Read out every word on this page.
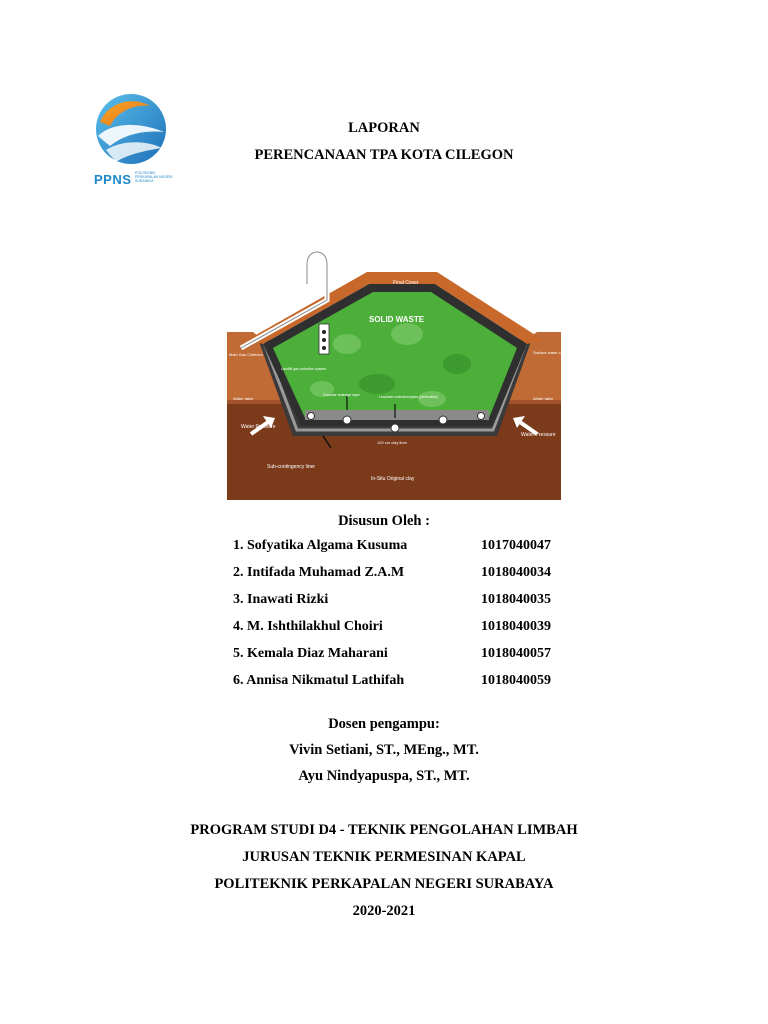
PPNS POLITEKNIK PERKAPALAN NEGERI SURABAYA
LAPORAN
PERENCANAAN TPA KOTA CILEGON
Final Cover
SOLID WASTE
Main Gas Collector	Surface water collection ditch
Landfill gas collection system
Granular drainage layer	Leachate collection/pipes (perforated)
Water table	Water table
Water Pressure
Water Pressure
120 cm clay liner
Sub-contingency liner
In-Situ Original clay
Disusun Oleh :
1. Sofyatika Algama Kusuma	1017040047
2. Intifada Muhamad Z.A.M	1018040034
3. Inawati Rizki	1018040035
4. M. Ishthilakhul Choiri	1018040039
5. Kemala Diaz Maharani	1018040057
6. Annisa Nikmatul Lathifah	1018040059
Dosen pengampu:
Vivin Setiani, ST., MEng., MT.
Ayu Nindyapuspa, ST., MT.
PROGRAM STUDI D4 - TEKNIK PENGOLAHAN LIMBAH
JURUSAN TEKNIK PERMESINAN KAPAL
POLITEKNIK PERKAPALAN NEGERI SURABAYA
2020-2021
